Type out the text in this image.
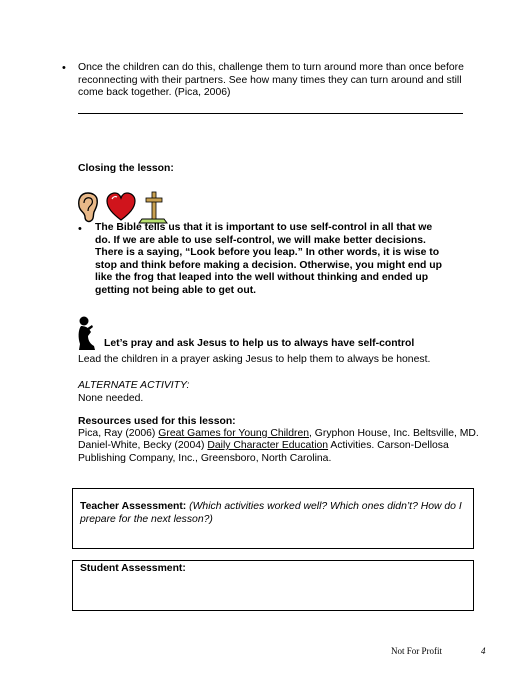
• Once the children can do this, challenge them to turn around more than once before reconnecting with their partners. See how many times they can turn around and still come back together. (Pica, 2006)
Closing the lesson:
• The Bible tells us that it is important to use self-control in all that we do. If we are able to use self-control, we will make better decisions. There is a saying, “Look before you leap.” In other words, it is wise to stop and think before making a decision. Otherwise, you might end up like the frog that leaped into the well without thinking and ended up getting not being able to get out.
Let’s pray and ask Jesus to help us to always have self-control
Lead the children in a prayer asking Jesus to help them to always be honest.
ALTERNATE ACTIVITY:
None needed.
Resources used for this lesson:
Pica, Ray (2006) Great Games for Young Children, Gryphon House, Inc. Beltsville, MD.
Daniel-White, Becky (2004) Daily Character Education Activities. Carson-Dellosa Publishing Company, Inc., Greensboro, North Carolina.
Teacher Assessment: (Which activities worked well? Which ones didn’t? How do I prepare for the next lesson?)
Student Assessment:
Not For Profit	4
